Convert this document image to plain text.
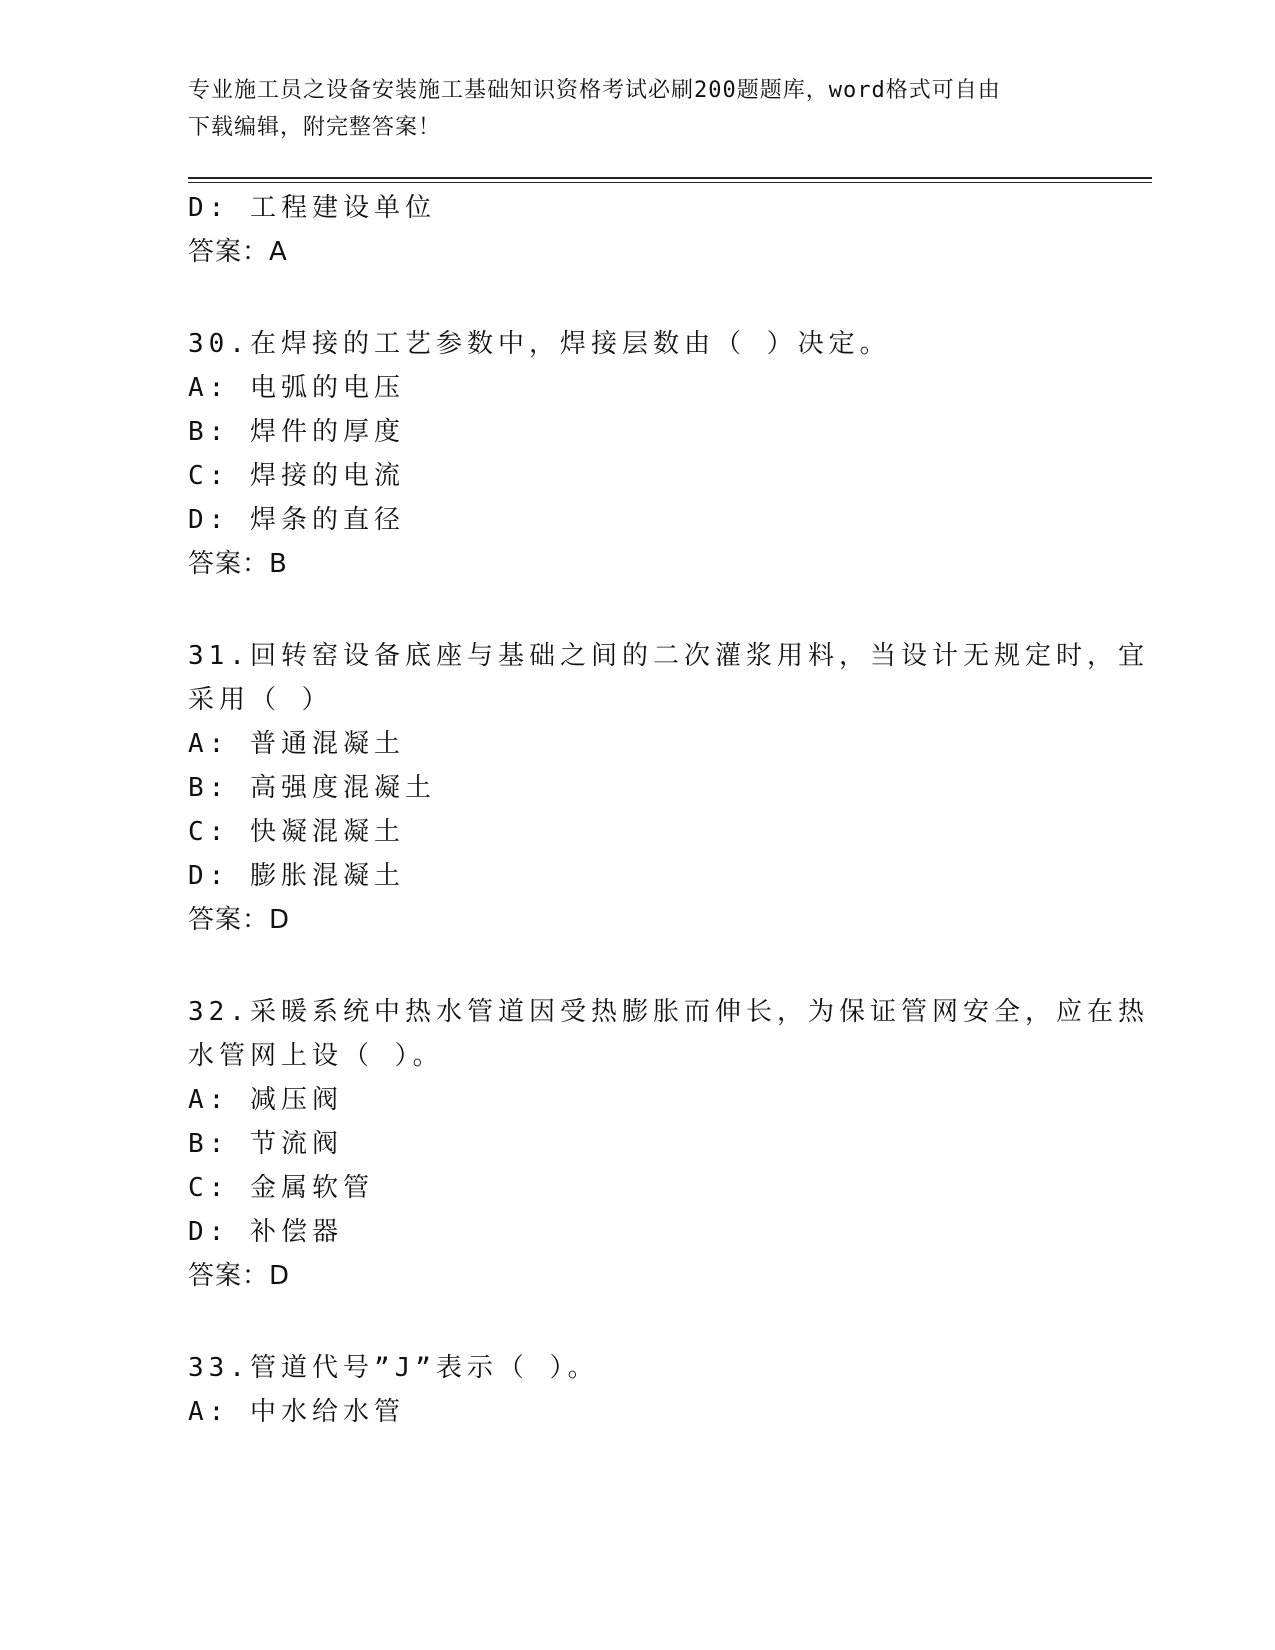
专业施工员之设备安装施工基础知识资格考试必刷200题题库，word格式可自由
下载编辑，附完整答案！
D: 工程建设单位
答案：A
30.在焊接的工艺参数中，焊接层数由（ ）决定。
A: 电弧的电压
B: 焊件的厚度
C: 焊接的电流
D: 焊条的直径
答案：B
31.回转窑设备底座与基础之间的二次灌浆用料，当设计无规定时，宜
采用（ ）
A: 普通混凝土
B: 高强度混凝土
C: 快凝混凝土
D: 膨胀混凝土
答案：D
32.采暖系统中热水管道因受热膨胀而伸长，为保证管网安全，应在热
水管网上设（ ）。
A: 减压阀
B: 节流阀
C: 金属软管
D: 补偿器
答案：D
33.管道代号”J”表示（ ）。
A: 中水给水管
